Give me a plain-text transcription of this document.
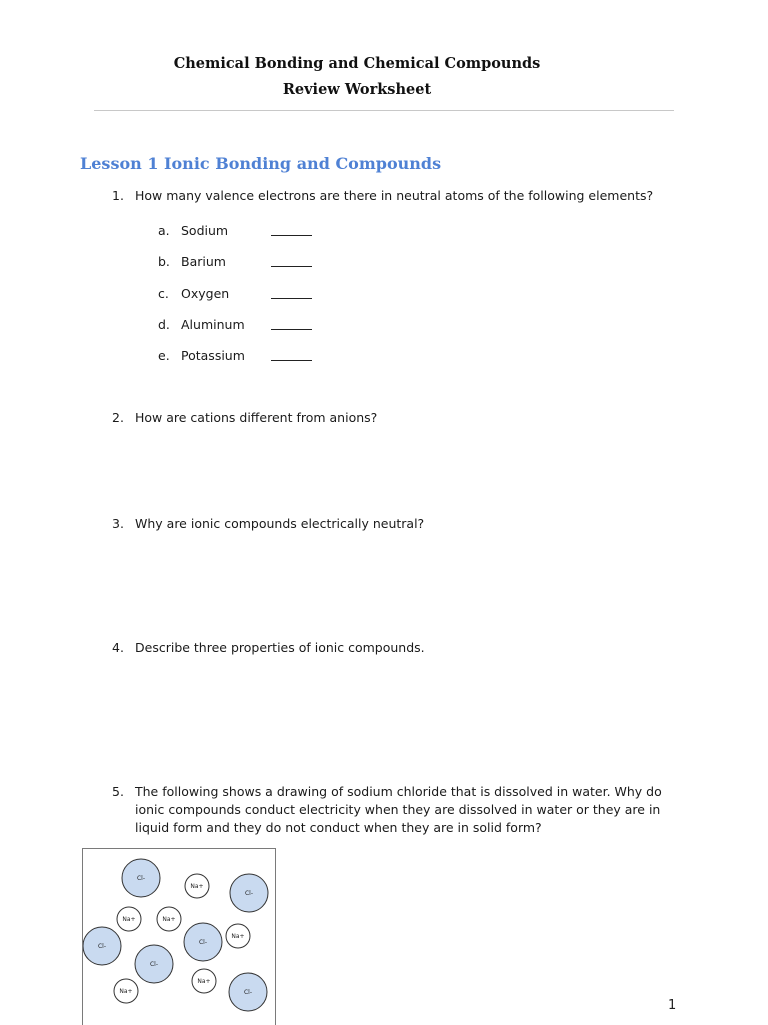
Chemical Bonding and Chemical Compounds
Review Worksheet
Lesson 1 Ionic Bonding and Compounds
1. How many valence electrons are there in neutral atoms of the following elements?
a. Sodium
b. Barium
c. Oxygen
d. Aluminum
e. Potassium
2. How are cations different from anions?
3. Why are ionic compounds electrically neutral?
4. Describe three properties of ionic compounds.
5. The following shows a drawing of sodium chloride that is dissolved in water. Why do ionic compounds conduct electricity when they are dissolved in water or they are in liquid form and they do not conduct when they are in solid form?
Cl-
Na+
Cl-
Na+	Na+
Cl-
Cl-
Na+
Cl-
Na+
Na+	Cl-
1
